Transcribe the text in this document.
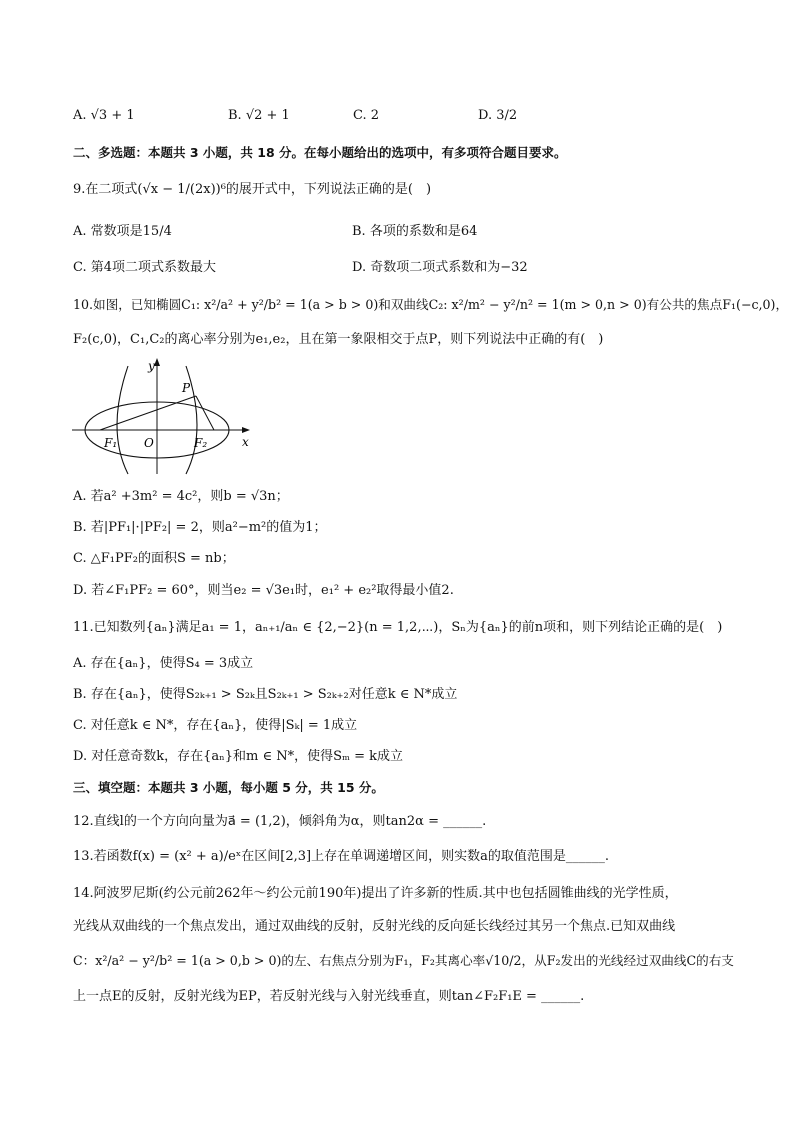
A. √3 + 1	B. √2 + 1	C. 2	D. 3/2
二、多选题：本题共 3 小题，共 18 分。在每小题给出的选项中，有多项符合题目要求。
9.在二项式(√x − 1/(2x))⁶的展开式中，下列说法正确的是(　)
A. 常数项是15/4	B. 各项的系数和是64
C. 第4项二项式系数最大	D. 奇数项二项式系数和为−32
10.如图，已知椭圆C₁: x²/a² + y²/b² = 1(a > b > 0)和双曲线C₂: x²/m² − y²/n² = 1(m > 0,n > 0)有公共的焦点F₁(−c,0)，
F₂(c,0)，C₁,C₂的离心率分别为e₁,e₂，且在第一象限相交于点P，则下列说法中正确的有(　)
y
x
P
O
F₁	F₂
A. 若a² +3m² = 4c²，则b = √3n；
B. 若|PF₁|·|PF₂| = 2，则a²−m²的值为1；
C. △F₁PF₂的面积S = nb；
D. 若∠F₁PF₂ = 60°，则当e₂ = √3e₁时，e₁² + e₂²取得最小值2.
11.已知数列{aₙ}满足a₁ = 1，aₙ₊₁/aₙ ∈ {2,−2}(n = 1,2,⋯)，Sₙ为{aₙ}的前n项和，则下列结论正确的是(　)
A. 存在{aₙ}，使得S₄ = 3成立
B. 存在{aₙ}，使得S₂ₖ₊₁ > S₂ₖ且S₂ₖ₊₁ > S₂ₖ₊₂对任意k ∈ N*成立
C. 对任意k ∈ N*，存在{aₙ}，使得|Sₖ| = 1成立
D. 对任意奇数k，存在{aₙ}和m ∈ N*，使得Sₘ = k成立
三、填空题：本题共 3 小题，每小题 5 分，共 15 分。
12.直线l的一个方向向量为a⃗ = (1,2)，倾斜角为α，则tan2α = ______.
13.若函数f(x) = (x² + a)/eˣ在区间[2,3]上存在单调递增区间，则实数a的取值范围是______.
14.阿波罗尼斯(约公元前262年～约公元前190年)提出了许多新的性质.其中也包括圆锥曲线的光学性质，
光线从双曲线的一个焦点发出，通过双曲线的反射，反射光线的反向延长线经过其另一个焦点.已知双曲线
C：x²/a² − y²/b² = 1(a > 0,b > 0)的左、右焦点分别为F₁，F₂其离心率√10/2，从F₂发出的光线经过双曲线C的右支
上一点E的反射，反射光线为EP，若反射光线与入射光线垂直，则tan∠F₂F₁E = ______.
